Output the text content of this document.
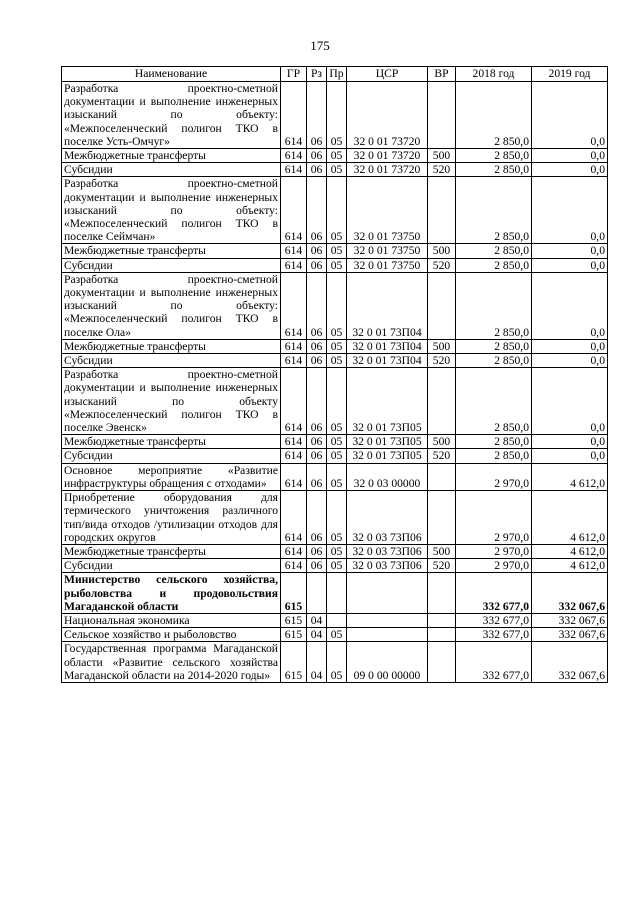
175
Наименование	ГР	Рз	Пр	ЦСР	ВР	2018 год	2019 год
Разработка проектно-сметной документации и выполнение инженерных изысканий по объекту: «Межпоселенческий полигон ТКО в поселке Усть-Омчуг»	614	06	05	32 0 01 73720		2 850,0	0,0
Межбюджетные трансферты	614	06	05	32 0 01 73720	500	2 850,0	0,0
Субсидии	614	06	05	32 0 01 73720	520	2 850,0	0,0
Разработка проектно-сметной документации и выполнение инженерных изысканий по объекту: «Межпоселенческий полигон ТКО в поселке Сеймчан»	614	06	05	32 0 01 73750		2 850,0	0,0
Межбюджетные трансферты	614	06	05	32 0 01 73750	500	2 850,0	0,0
Субсидии	614	06	05	32 0 01 73750	520	2 850,0	0,0
Разработка проектно-сметной документации и выполнение инженерных изысканий по объекту: «Межпоселенческий полигон ТКО в поселке Ола»	614	06	05	32 0 01 73П04		2 850,0	0,0
Межбюджетные трансферты	614	06	05	32 0 01 73П04	500	2 850,0	0,0
Субсидии	614	06	05	32 0 01 73П04	520	2 850,0	0,0
Разработка проектно-сметной документации и выполнение инженерных изысканий по объекту «Межпоселенческий полигон ТКО в поселке Эвенск»	614	06	05	32 0 01 73П05		2 850,0	0,0
Межбюджетные трансферты	614	06	05	32 0 01 73П05	500	2 850,0	0,0
Субсидии	614	06	05	32 0 01 73П05	520	2 850,0	0,0
Основное мероприятие «Развитие инфраструктуры обращения с отходами»	614	06	05	32 0 03 00000		2 970,0	4 612,0
Приобретение оборудования для термического уничтожения различного тип/вида отходов /утилизации отходов для городских округов	614	06	05	32 0 03 73П06		2 970,0	4 612,0
Межбюджетные трансферты	614	06	05	32 0 03 73П06	500	2 970,0	4 612,0
Субсидии	614	06	05	32 0 03 73П06	520	2 970,0	4 612,0
Министерство сельского хозяйства, рыболовства и продовольствия Магаданской области	615					332 677,0	332 067,6
Национальная экономика	615	04				332 677,0	332 067,6
Сельское хозяйство и рыболовство	615	04	05			332 677,0	332 067,6
Государственная программа Магаданской области «Развитие сельского хозяйства Магаданской области на 2014-2020 годы»	615	04	05	09 0 00 00000		332 677,0	332 067,6
